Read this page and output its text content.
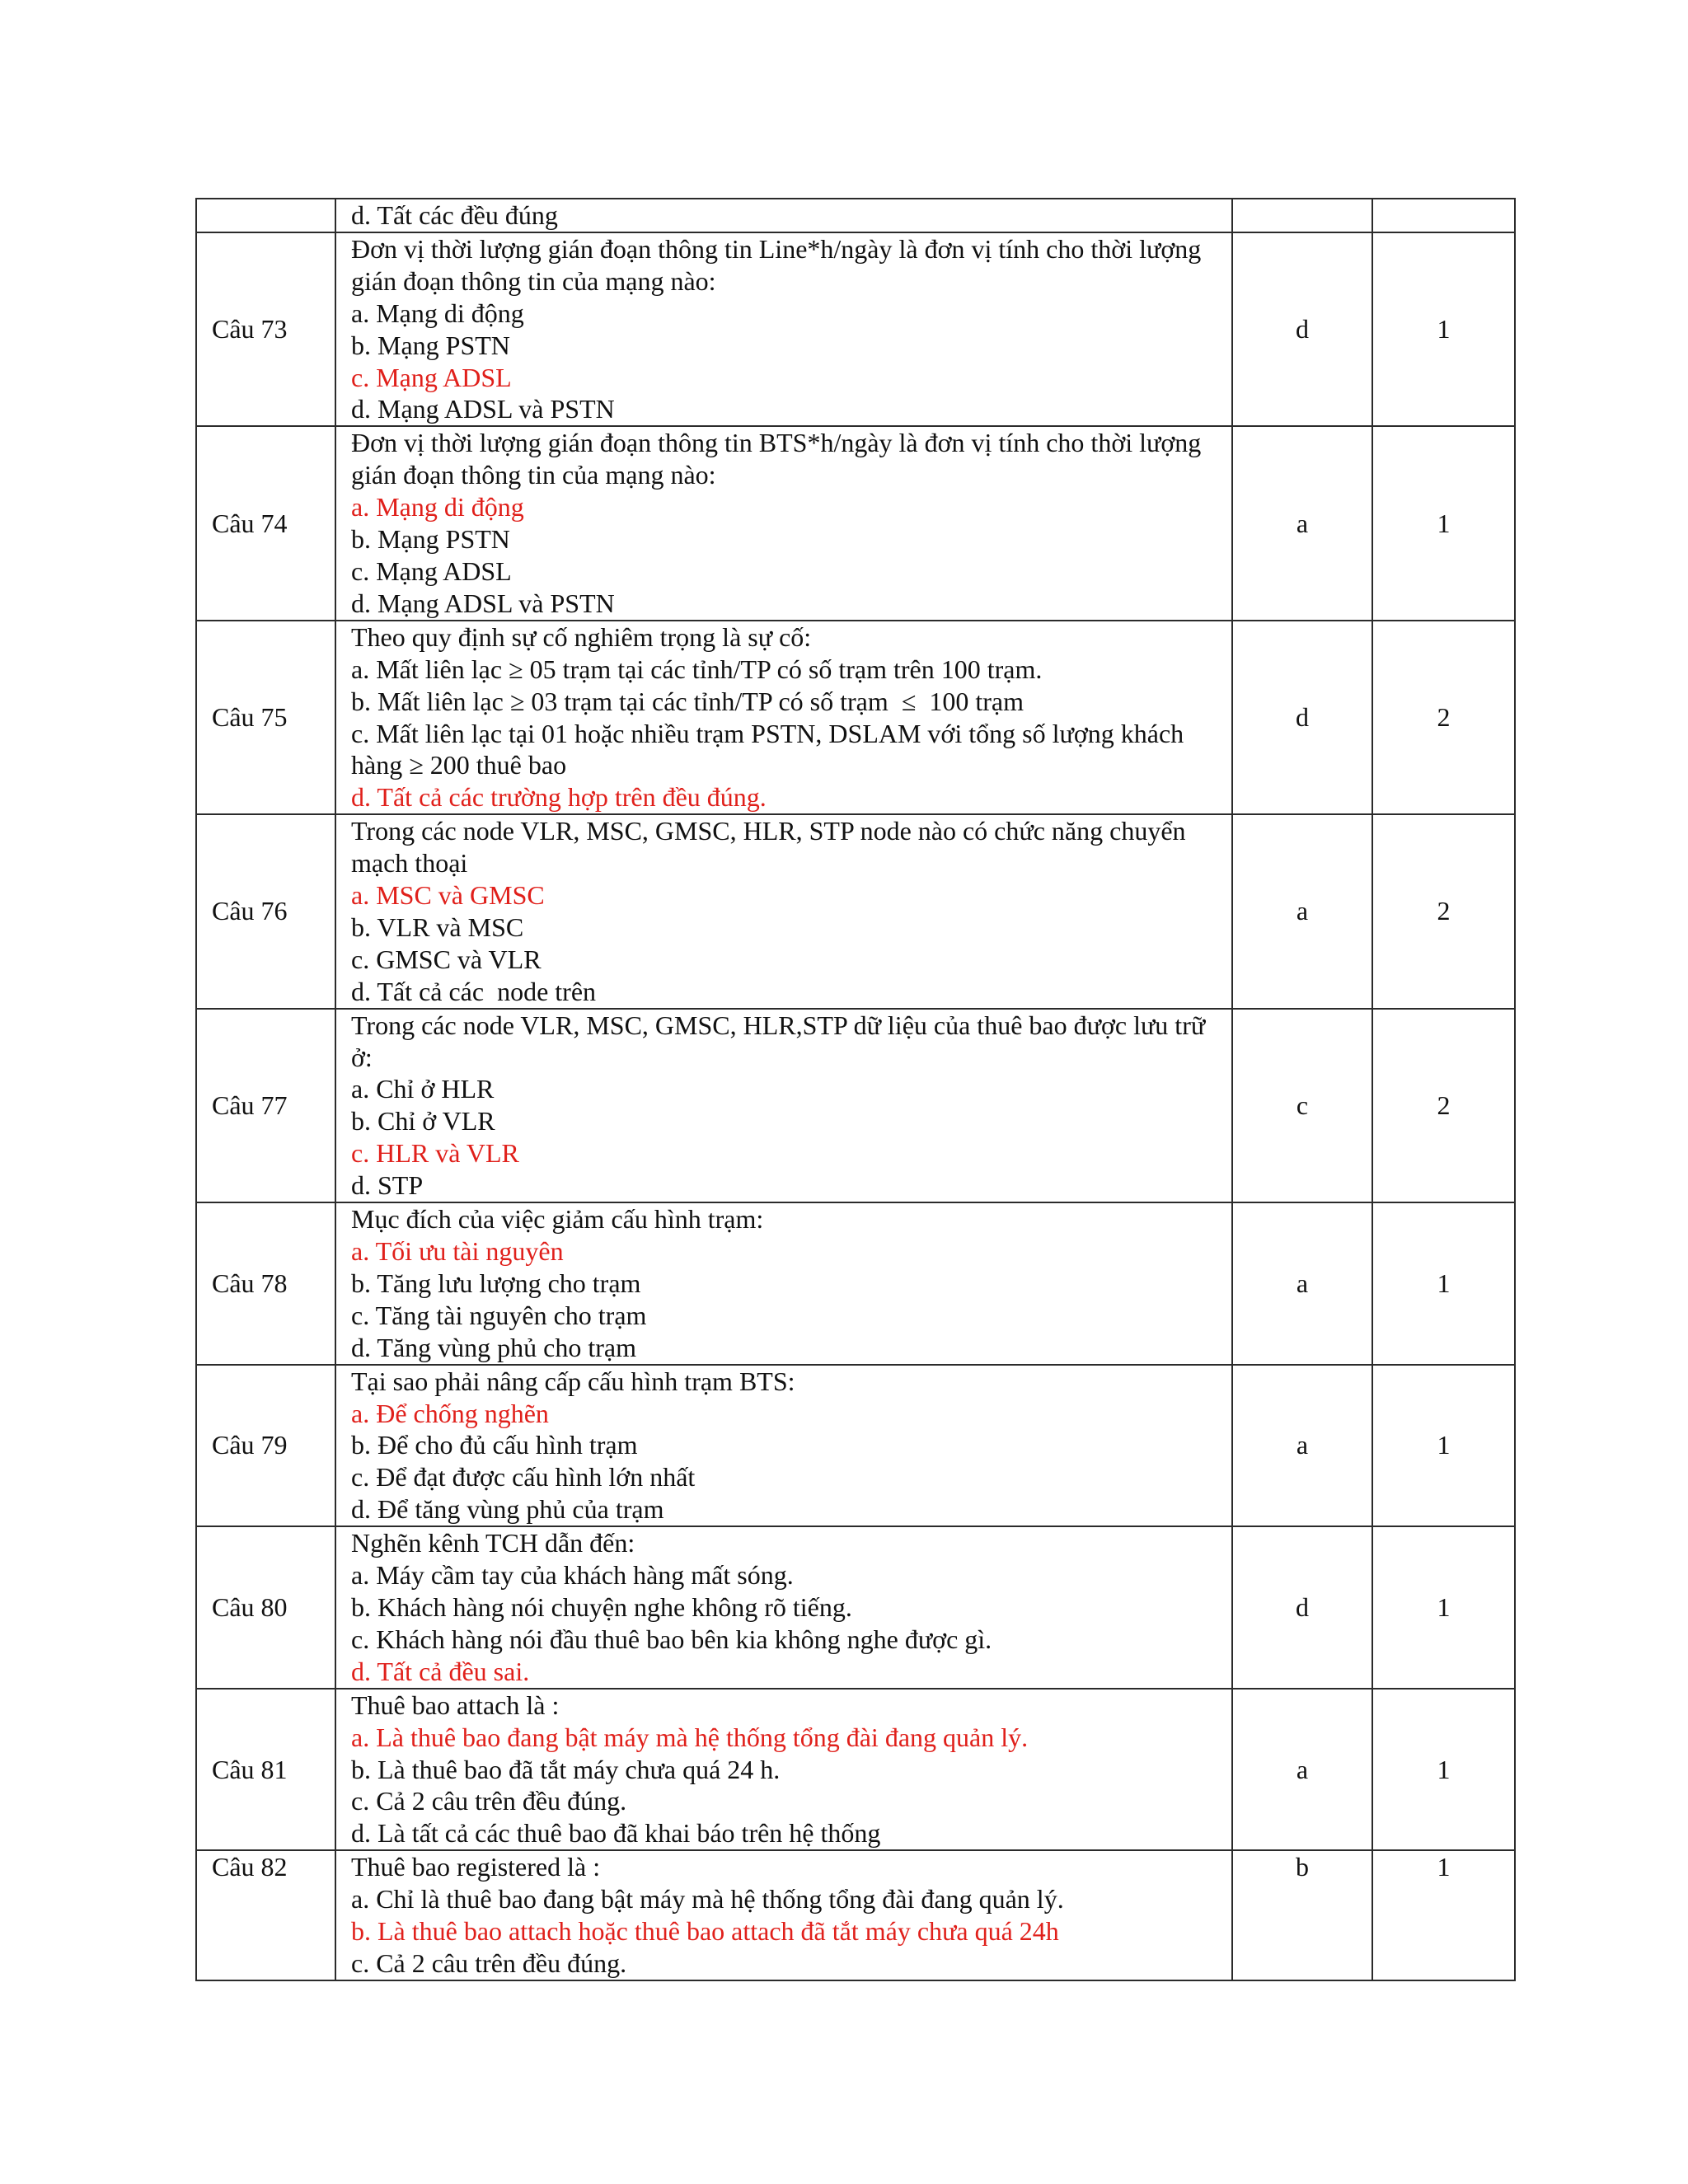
	d. Tất các đều đúng		

Câu 73	Đơn vị thời lượng gián đoạn thông tin Line*h/ngày là đơn vị tính cho thời lượng gián đoạn thông tin của mạng nào:
a. Mạng di động
b. Mạng PSTN
c. Mạng ADSL
d. Mạng ADSL và PSTN	d	1
Câu 74	Đơn vị thời lượng gián đoạn thông tin BTS*h/ngày là đơn vị tính cho thời lượng gián đoạn thông tin của mạng nào:
a. Mạng di động
b. Mạng PSTN
c. Mạng ADSL
d. Mạng ADSL và PSTN	a	1
Câu 75	Theo quy định sự cố nghiêm trọng là sự cố:
a. Mất liên lạc ≥ 05 trạm tại các tỉnh/TP có số trạm trên 100 trạm.
b. Mất liên lạc ≥ 03 trạm tại các tỉnh/TP có số trạm  ≤  100 trạm
c. Mất liên lạc tại 01 hoặc nhiều trạm PSTN, DSLAM với tổng số lượng khách hàng ≥ 200 thuê bao
d. Tất cả các trường hợp trên đều đúng.	d	2
Câu 76	Trong các node VLR, MSC, GMSC, HLR, STP node nào có chức năng chuyển mạch thoại
a. MSC và GMSC
b. VLR và MSC
c. GMSC và VLR
d. Tất cả các  node trên	a	2
Câu 77	Trong các node VLR, MSC, GMSC, HLR,STP dữ liệu của thuê bao được lưu trữ ở:
a. Chỉ ở HLR
b. Chỉ ở VLR
c. HLR và VLR
d. STP	c	2
Câu 78	Mục đích của việc giảm cấu hình trạm:
a. Tối ưu tài nguyên
b. Tăng lưu lượng cho trạm
c. Tăng tài nguyên cho trạm
d. Tăng vùng phủ cho trạm	a	1
Câu 79	Tại sao phải nâng cấp cấu hình trạm BTS:
a. Để chống nghẽn
b. Để cho đủ cấu hình trạm
c. Để đạt được cấu hình lớn nhất
d. Để tăng vùng phủ của trạm	a	1
Câu 80	Nghẽn kênh TCH dẫn đến:
a. Máy cầm tay của khách hàng mất sóng.
b. Khách hàng nói chuyện nghe không rõ tiếng.
c. Khách hàng nói đầu thuê bao bên kia không nghe được gì.
d. Tất cả đều sai.	d	1
Câu 81	Thuê bao attach là :
a. Là thuê bao đang bật máy mà hệ thống tổng đài đang quản lý.
b. Là thuê bao đã tắt máy chưa quá 24 h.
c. Cả 2 câu trên đều đúng.
d. Là tất cả các thuê bao đã khai báo trên hệ thống	a	1
Câu 82	Thuê bao registered là :
a. Chỉ là thuê bao đang bật máy mà hệ thống tổng đài đang quản lý.
b. Là thuê bao attach hoặc thuê bao attach đã tắt máy chưa quá 24h
c. Cả 2 câu trên đều đúng.	b	1
